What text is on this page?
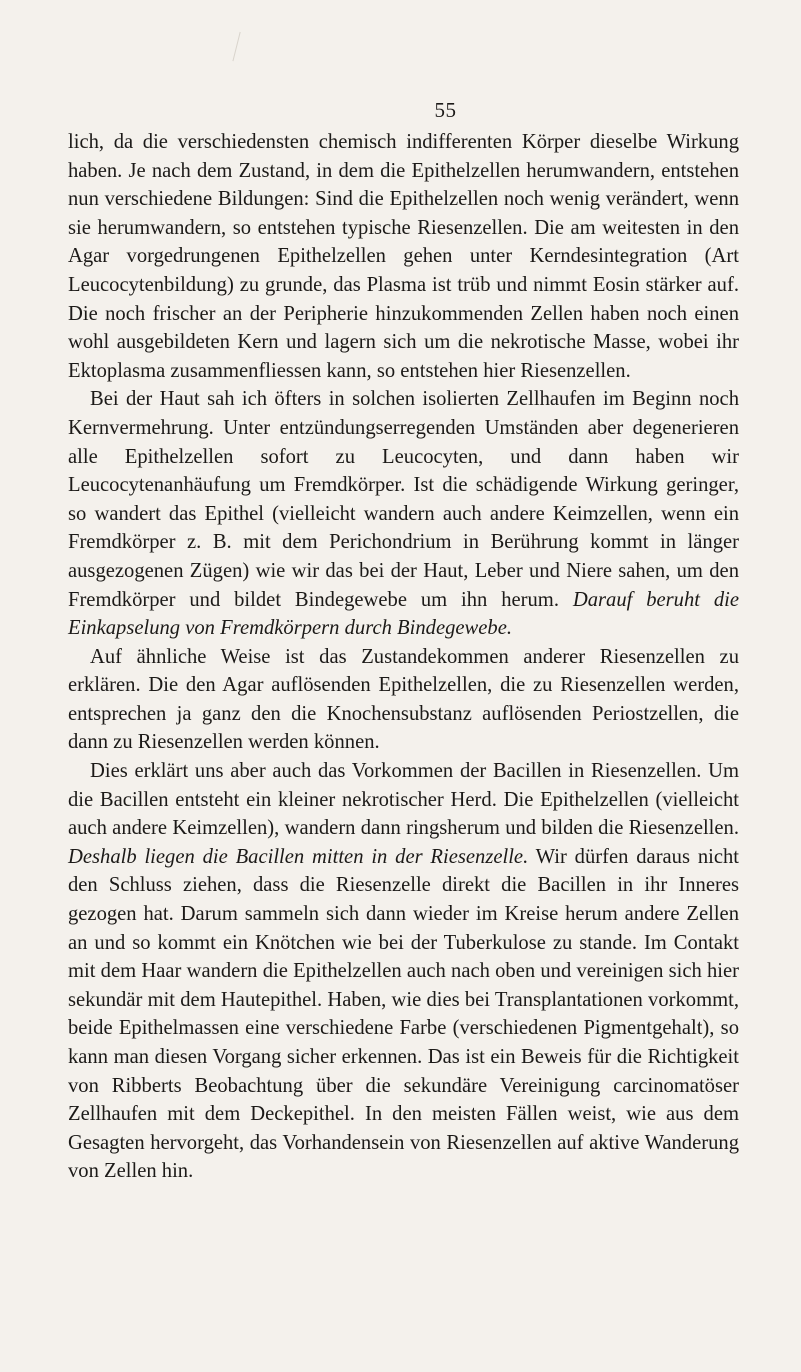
55

lich, da die verschiedensten chemisch indifferenten Körper dieselbe Wirkung haben. Je nach dem Zustand, in dem die Epithelzellen herumwandern, entstehen nun verschiedene Bildungen: Sind die Epithelzellen noch wenig verändert, wenn sie herumwandern, so entstehen typische Riesenzellen. Die am weitesten in den Agar vorgedrungenen Epithelzellen gehen unter Kerndesintegration (Art Leucocytenbildung) zu grunde, das Plasma ist trüb und nimmt Eosin stärker auf. Die noch frischer an der Peripherie hinzukommenden Zellen haben noch einen wohl ausgebildeten Kern und lagern sich um die nekrotische Masse, wobei ihr Ektoplasma zusammenfliessen kann, so entstehen hier Riesenzellen.

Bei der Haut sah ich öfters in solchen isolierten Zellhaufen im Beginn noch Kernvermehrung. Unter entzündungserregenden Umständen aber degenerieren alle Epithelzellen sofort zu Leucocyten, und dann haben wir Leucocytenanhäufung um Fremdkörper. Ist die schädigende Wirkung geringer, so wandert das Epithel (vielleicht wandern auch andere Keimzellen, wenn ein Fremdkörper z. B. mit dem Perichondrium in Berührung kommt in länger ausgezogenen Zügen) wie wir das bei der Haut, Leber und Niere sahen, um den Fremdkörper und bildet Bindegewebe um ihn herum. Darauf beruht die Einkapselung von Fremdkörpern durch Bindegewebe.

Auf ähnliche Weise ist das Zustandekommen anderer Riesenzellen zu erklären. Die den Agar auflösenden Epithelzellen, die zu Riesenzellen werden, entsprechen ja ganz den die Knochensubstanz auflösenden Periostzellen, die dann zu Riesenzellen werden können.

Dies erklärt uns aber auch das Vorkommen der Bacillen in Riesenzellen. Um die Bacillen entsteht ein kleiner nekrotischer Herd. Die Epithelzellen (vielleicht auch andere Keimzellen), wandern dann ringsherum und bilden die Riesenzellen. Deshalb liegen die Bacillen mitten in der Riesenzelle. Wir dürfen daraus nicht den Schluss ziehen, dass die Riesenzelle direkt die Bacillen in ihr Inneres gezogen hat. Darum sammeln sich dann wieder im Kreise herum andere Zellen an und so kommt ein Knötchen wie bei der Tuberkulose zu stande. Im Contakt mit dem Haar wandern die Epithelzellen auch nach oben und vereinigen sich hier sekundär mit dem Hautepithel. Haben, wie dies bei Transplantationen vorkommt, beide Epithelmassen eine verschiedene Farbe (verschiedenen Pigmentgehalt), so kann man diesen Vorgang sicher erkennen. Das ist ein Beweis für die Richtigkeit von Ribberts Beobachtung über die sekundäre Vereinigung carcinomatöser Zellhaufen mit dem Deckepithel. In den meisten Fällen weist, wie aus dem Gesagten hervorgeht, das Vorhandensein von Riesenzellen auf aktive Wanderung von Zellen hin.
